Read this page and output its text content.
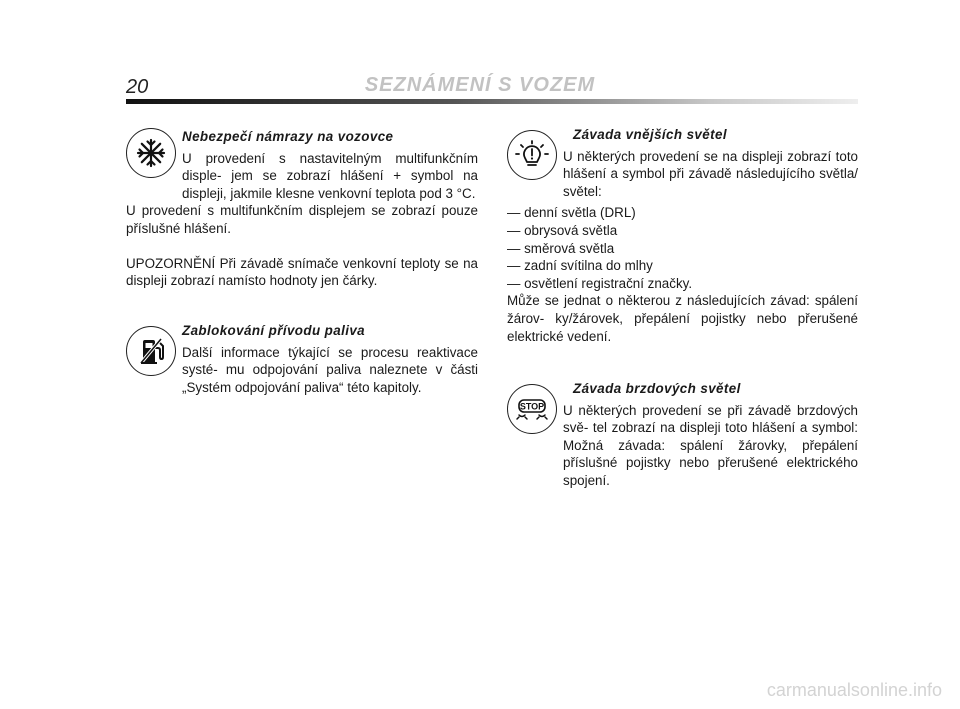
20	SEZNÁMENÍ S VOZEM

Nebezpečí námrazy na vozovce

U provedení s nastavitelným multifunkčním disple- jem se zobrazí hlášení + symbol na displeji, jakmile klesne venkovní teplota pod 3 °C.

U provedení s multifunkčním displejem se zobrazí pouze příslušné hlášení.

UPOZORNĚNÍ Při závadě snímače venkovní teploty se na displeji zobrazí namísto hodnoty jen čárky.

Zablokování přívodu paliva

Další informace týkající se procesu reaktivace systé- mu odpojování paliva naleznete v části „Systém odpojování paliva“ této kapitoly.

Závada vnějších světel

U některých provedení se na displeji zobrazí toto hlášení a symbol při závadě následujícího světla/ světel:

— denní světla (DRL)

— obrysová světla

— směrová světla

— zadní svítilna do mlhy

— osvětlení registrační značky.

Může se jednat o některou z následujících závad: spálení žárov- ky/žárovek, přepálení pojistky nebo přerušené elektrické vedení.

STOP

Závada brzdových světel

U některých provedení se při závadě brzdových svě- tel zobrazí na displeji toto hlášení a symbol: Možná závada: spálení žárovky, přepálení příslušné pojistky nebo přerušené elektrického spojení.

carmanualsonline.info
